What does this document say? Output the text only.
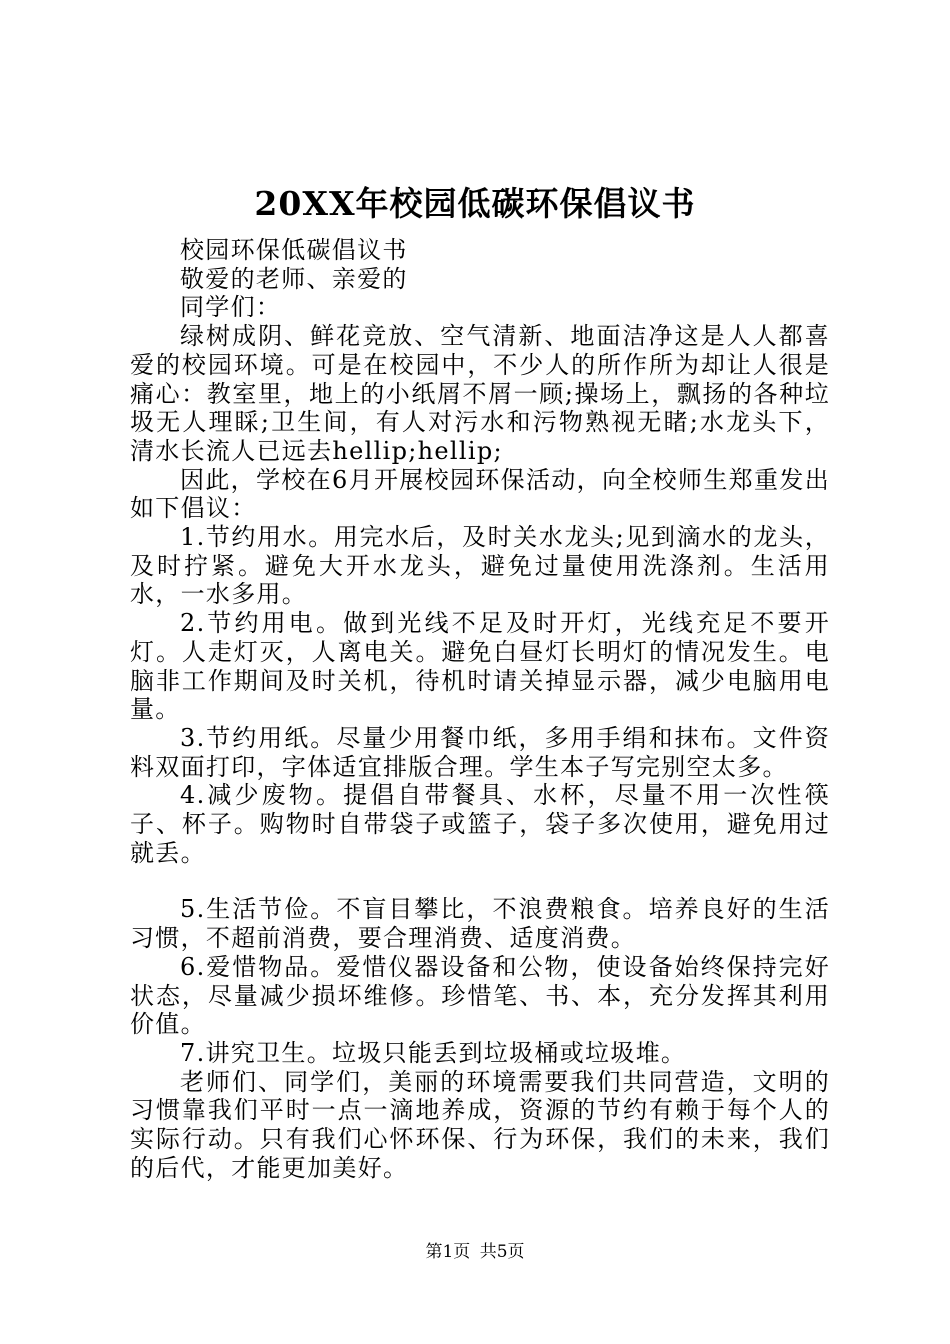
20XX年校园低碳环保倡议书

校园环保低碳倡议书

敬爱的老师、亲爱的

同学们：

绿树成阴、鲜花竞放、空气清新、地面洁净这是人人都喜爱的校园环境。可是在校园中，不少人的所作所为却让人很是痛心：教室里，地上的小纸屑不屑一顾;操场上，飘扬的各种垃圾无人理睬;卫生间，有人对污水和污物熟视无睹;水龙头下，清水长流人已远去hellip;hellip;

因此，学校在6月开展校园环保活动，向全校师生郑重发出如下倡议：

1.节约用水。用完水后，及时关水龙头;见到滴水的龙头，及时拧紧。避免大开水龙头，避免过量使用洗涤剂。生活用水，一水多用。

2.节约用电。做到光线不足及时开灯，光线充足不要开灯。人走灯灭，人离电关。避免白昼灯长明灯的情况发生。电脑非工作期间及时关机，待机时请关掉显示器，减少电脑用电量。

3.节约用纸。尽量少用餐巾纸，多用手绢和抹布。文件资料双面打印，字体适宜排版合理。学生本子写完别空太多。

4.减少废物。提倡自带餐具、水杯，尽量不用一次性筷子、杯子。购物时自带袋子或篮子，袋子多次使用，避免用过就丢。

5.生活节俭。不盲目攀比，不浪费粮食。培养良好的生活习惯，不超前消费，要合理消费、适度消费。

6.爱惜物品。爱惜仪器设备和公物，使设备始终保持完好状态，尽量减少损坏维修。珍惜笔、书、本，充分发挥其利用价值。

7.讲究卫生。垃圾只能丢到垃圾桶或垃圾堆。

老师们、同学们，美丽的环境需要我们共同营造，文明的习惯靠我们平时一点一滴地养成，资源的节约有赖于每个人的实际行动。只有我们心怀环保、行为环保，我们的未来，我们的后代，才能更加美好。

第1页 共5页
